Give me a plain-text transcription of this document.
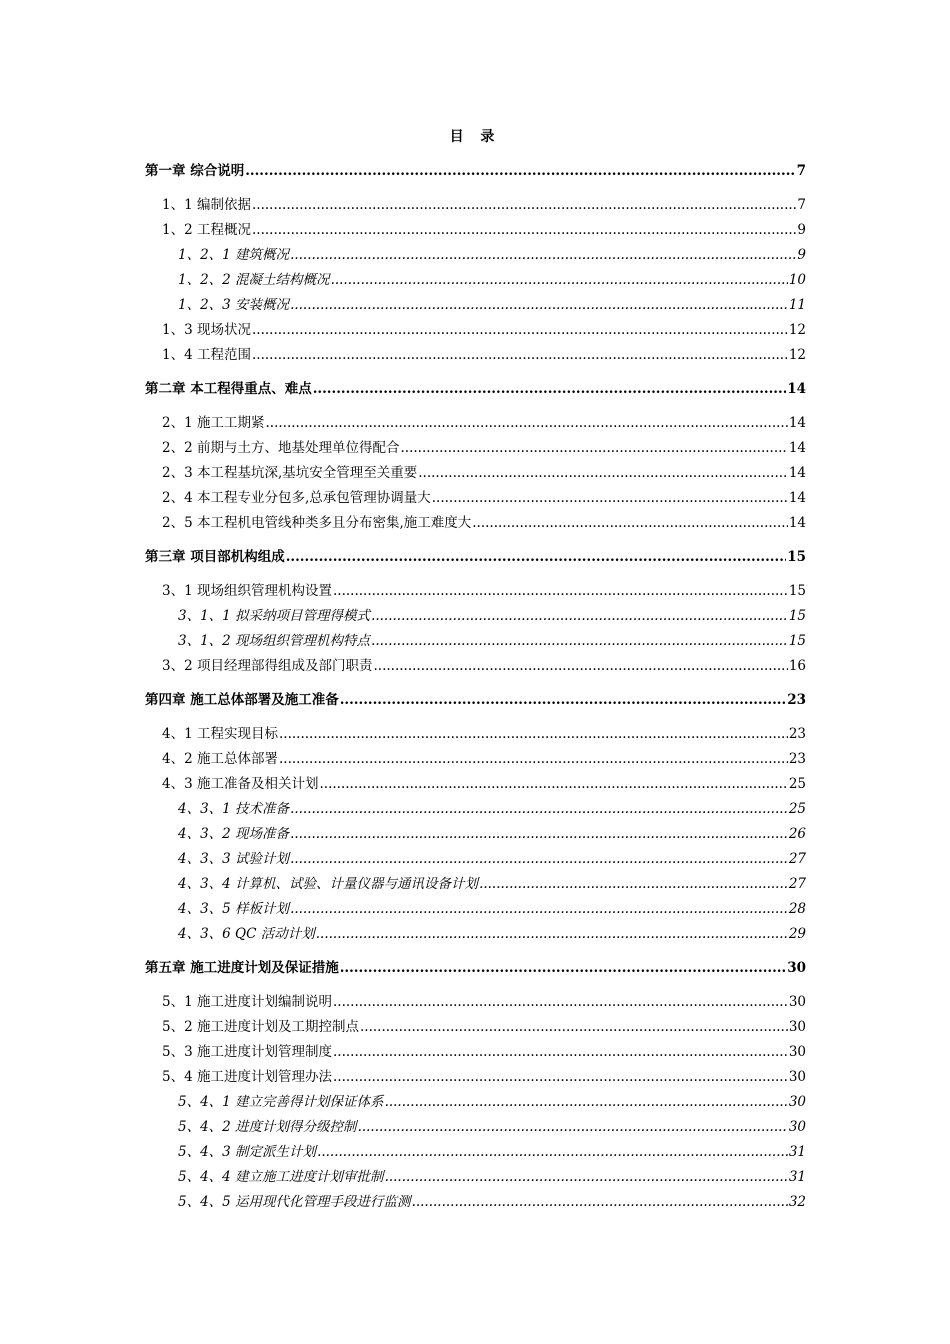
目 录
第一章 综合说明 .....	7
1、1 编制依据 .....	7
1、2 工程概况 .....	9
1、2、1 建筑概况 .....	9
1、2、2 混凝土结构概况 .....	10
1、2、3 安装概况 .....	11
1、3 现场状况 .....	12
1、4 工程范围 .....	12
第二章 本工程得重点、难点 .....	14
2、1 施工工期紧 .....	14
2、2 前期与土方、地基处理单位得配合 .....	14
2、3 本工程基坑深,基坑安全管理至关重要 .....	14
2、4 本工程专业分包多,总承包管理协调量大 .....	14
2、5 本工程机电管线种类多且分布密集,施工难度大 .....	14
第三章 项目部机构组成 .....	15
3、1 现场组织管理机构设置 .....	15
3、1、1 拟采纳项目管理得模式 .....	15
3、1、2 现场组织管理机构特点 .....	15
3、2 项目经理部得组成及部门职责 .....	16
第四章 施工总体部署及施工准备 .....	23
4、1 工程实现目标 .....	23
4、2 施工总体部署 .....	23
4、3 施工准备及相关计划 .....	25
4、3、1 技术准备 .....	25
4、3、2 现场准备 .....	26
4、3、3 试验计划 .....	27
4、3、4 计算机、试验、计量仪器与通讯设备计划 .....	27
4、3、5 样板计划 .....	28
4、3、6 QC 活动计划 .....	29
第五章 施工进度计划及保证措施 .....	30
5、1 施工进度计划编制说明 .....	30
5、2 施工进度计划及工期控制点 .....	30
5、3 施工进度计划管理制度 .....	30
5、4 施工进度计划管理办法 .....	30
5、4、1 建立完善得计划保证体系 .....	30
5、4、2 进度计划得分级控制 .....	30
5、4、3 制定派生计划 .....	31
5、4、4 建立施工进度计划审批制 .....	31
5、4、5 运用现代化管理手段进行监测 .....	32
